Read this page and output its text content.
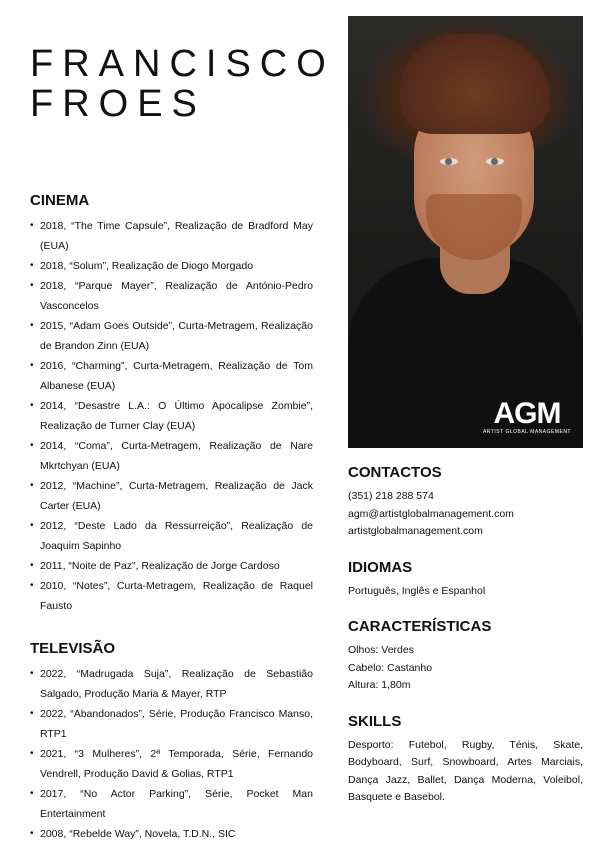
FRANCISCO
FROES
CINEMA
• 2018, “The Time Capsule”, Realização de Bradford May (EUA)
• 2018, “Solum”, Realização de Diogo Morgado
• 2018, “Parque Mayer”, Realização de António-Pedro Vasconcelos
• 2015, “Adam Goes Outside”, Curta-Metragem, Realização de Brandon Zinn (EUA)
• 2016, “Charming”, Curta-Metragem, Realização de Tom Albanese (EUA)
• 2014, “Desastre L.A.: O Último Apocalipse Zombie”, Realização de Turner Clay (EUA)
• 2014, “Coma”, Curta-Metragem, Realização de Nare Mkrtchyan (EUA)
• 2012, “Machine”, Curta-Metragem, Realização de Jack Carter (EUA)
• 2012, “Deste Lado da Ressurreição”, Realização de Joaquim Sapinho
• 2011, “Noite de Paz”, Realização de Jorge Cardoso
• 2010, “Notes”, Curta-Metragem, Realização de Raquel Fausto
TELEVISÃO
• 2022, “Madrugada Suja”, Realização de Sebastião Salgado, Produção Maria & Mayer, RTP
• 2022, “Abandonados”, Série, Produção Francisco Manso, RTP1
• 2021, “3 Mulheres”, 2ª Temporada, Série, Fernando Vendrell, Produção David & Golias, RTP1
• 2017, “No Actor Parking”, Série, Pocket Man Entertainment
• 2008, “Rebelde Way”, Novela, T.D.N., SIC
AGM
ARTIST GLOBAL MANAGEMENT
CONTACTOS

(351) 218 288 574

agm@artistglobalmanagement.com

artistglobalmanagement.com

IDIOMAS

Português, Inglês e Espanhol

CARACTERÍSTICAS

Olhos: Verdes

Cabelo: Castanho

Altura: 1,80m

SKILLS

Desporto: Futebol, Rugby, Ténis, Skate, Bodyboard, Surf, Snowboard, Artes Marciais, Dança Jazz, Ballet, Dança Moderna, Voleibol, Basquete e Basebol.
